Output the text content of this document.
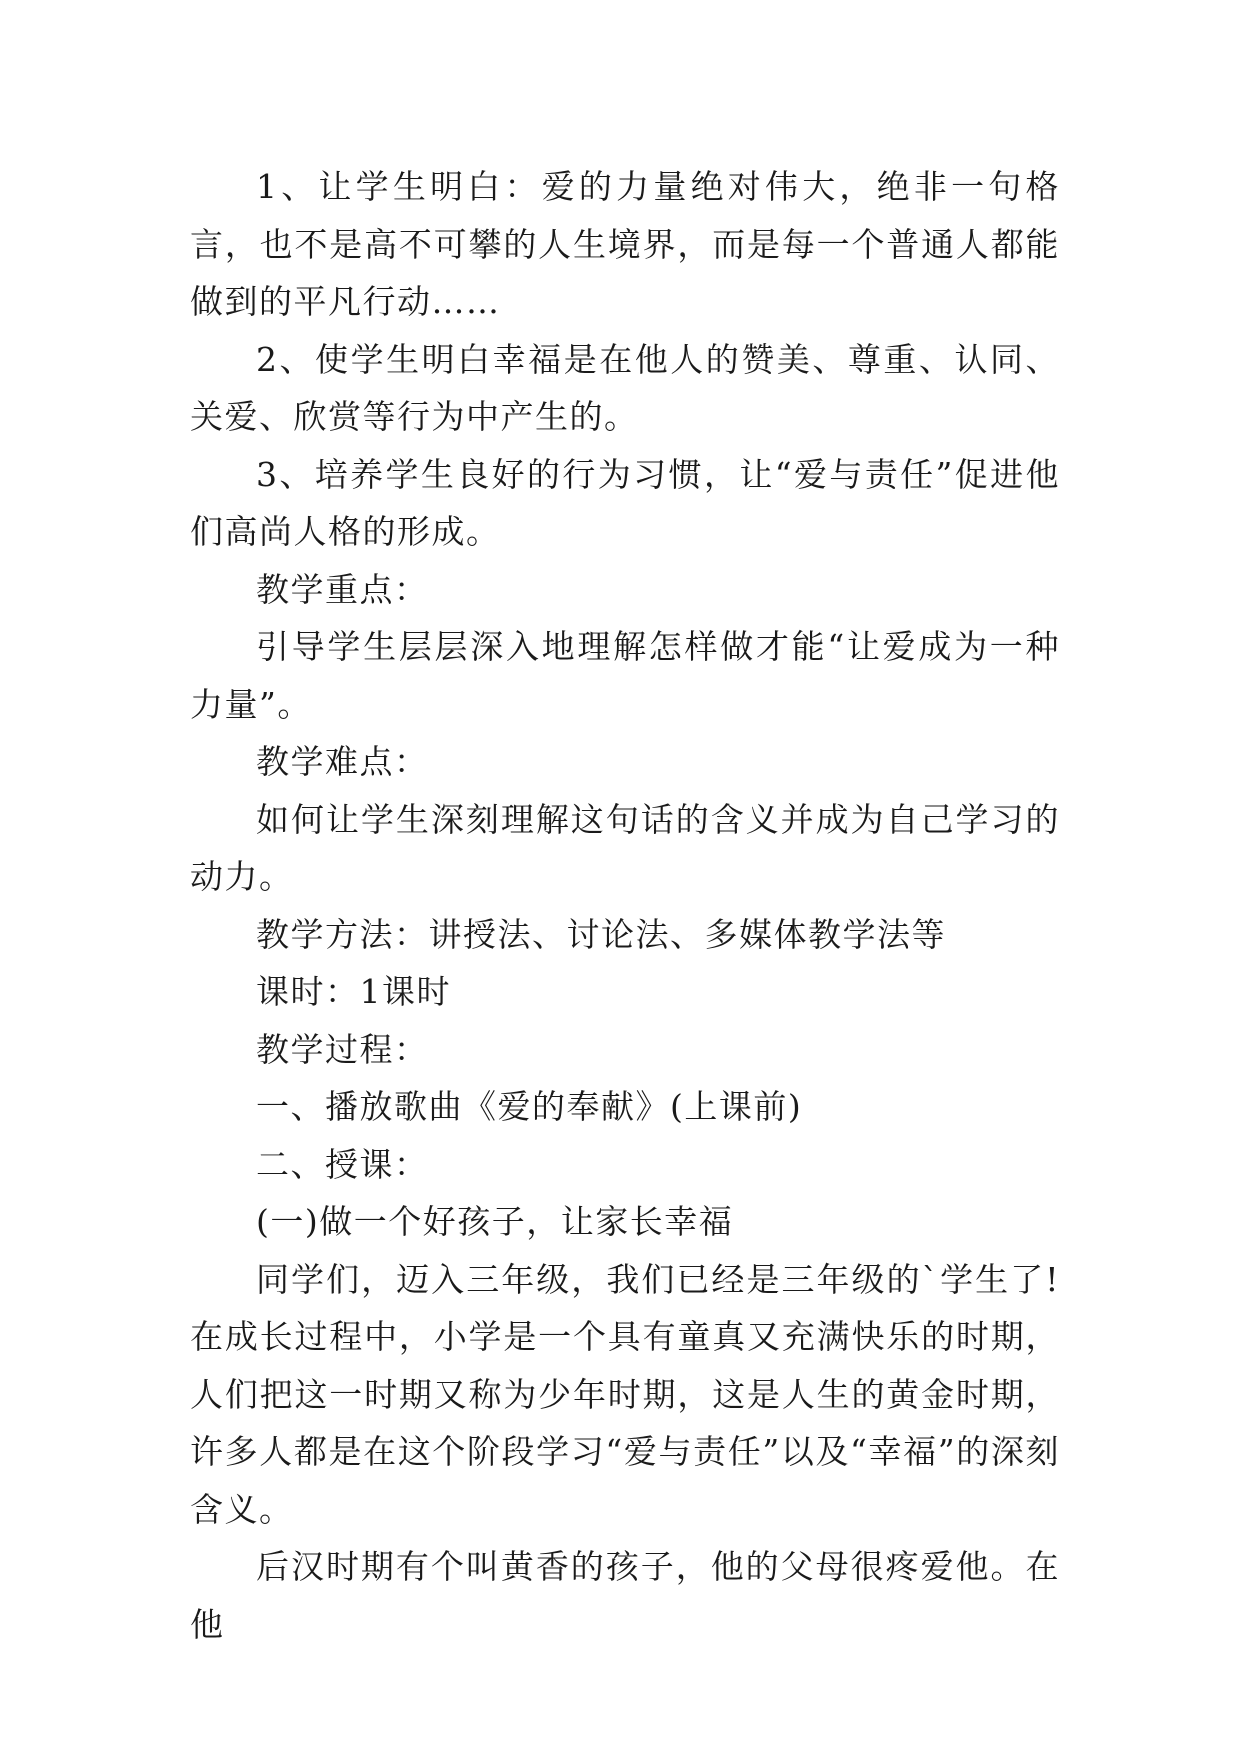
1、让学生明白：爱的力量绝对伟大，绝非一句格言，也不是高不可攀的人生境界，而是每一个普通人都能做到的平凡行动……

2、使学生明白幸福是在他人的赞美、尊重、认同、关爱、欣赏等行为中产生的。

3、培养学生良好的行为习惯，让“爱与责任”促进他们高尚人格的形成。

教学重点：

引导学生层层深入地理解怎样做才能“让爱成为一种力量”。

教学难点：

如何让学生深刻理解这句话的含义并成为自己学习的动力。

教学方法：讲授法、讨论法、多媒体教学法等

课时：1课时

教学过程：

一、播放歌曲《爱的奉献》(上课前)

二、授课：

(一)做一个好孩子，让家长幸福

同学们，迈入三年级，我们已经是三年级的`学生了!在成长过程中，小学是一个具有童真又充满快乐的时期，人们把这一时期又称为少年时期，这是人生的黄金时期，许多人都是在这个阶段学习“爱与责任”以及“幸福”的深刻含义。

后汉时期有个叫黄香的孩子，他的父母很疼爱他。在他
